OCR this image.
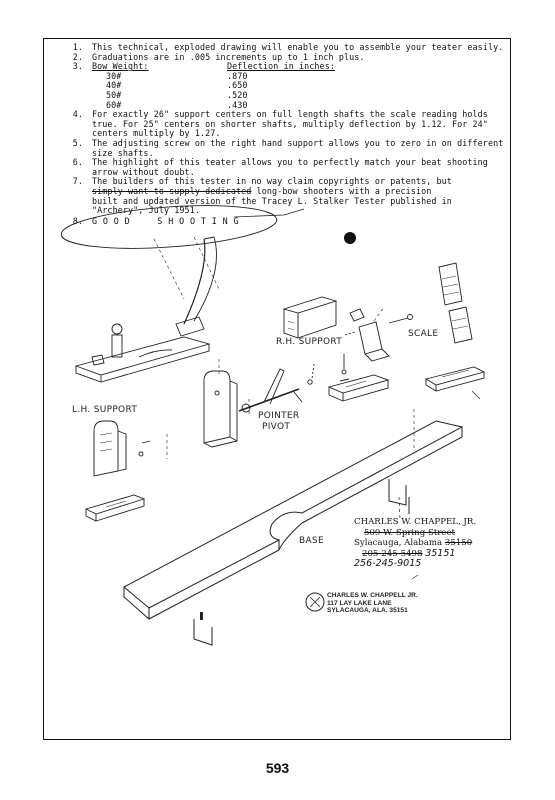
1.	This technical, exploded drawing will enable you to assemble your teater easily.
2.	Graduations are in .005 increments up to 1 inch plus.
3.	Bow Weight:	Deflection in inches:
30#	.870
40#	.650
50#	.520
60#	.430
4.	For exactly 26" support centers on full length shafts the scale reading holds true. For 25" centers on shorter shafts, multiply deflection by 1.12. For 24" centers multiply by 1.27.
5.	The adjusting screw on the right hand support allows you to zero in on different size shafts.
6.	The highlight of this teater allows you to perfectly match your beat shooting arrow without doubt.
7.	The builders of this tester in no way claim copyrights or patents, but
simply want to supply dedicated long-bow shooters with a precision
built and updated version of the Tracey L. Stalker Tester published in
"Archery", July 1951.
8.	G O O D     S H O O T I N G
R.H. SUPPORT
SCALE
L.H. SUPPORT
POINTER
PIVOT
BASE
CHARLES W. CHAPPEL, JR.
509 W. Spring Street
Sylacauga, Alabama 35150
205-245-5498 35151
256-245-9015
CHARLES W. CHAPPELL JR.
117 LAY LAKE LANE
SYLACAUGA, ALA. 35151
593
